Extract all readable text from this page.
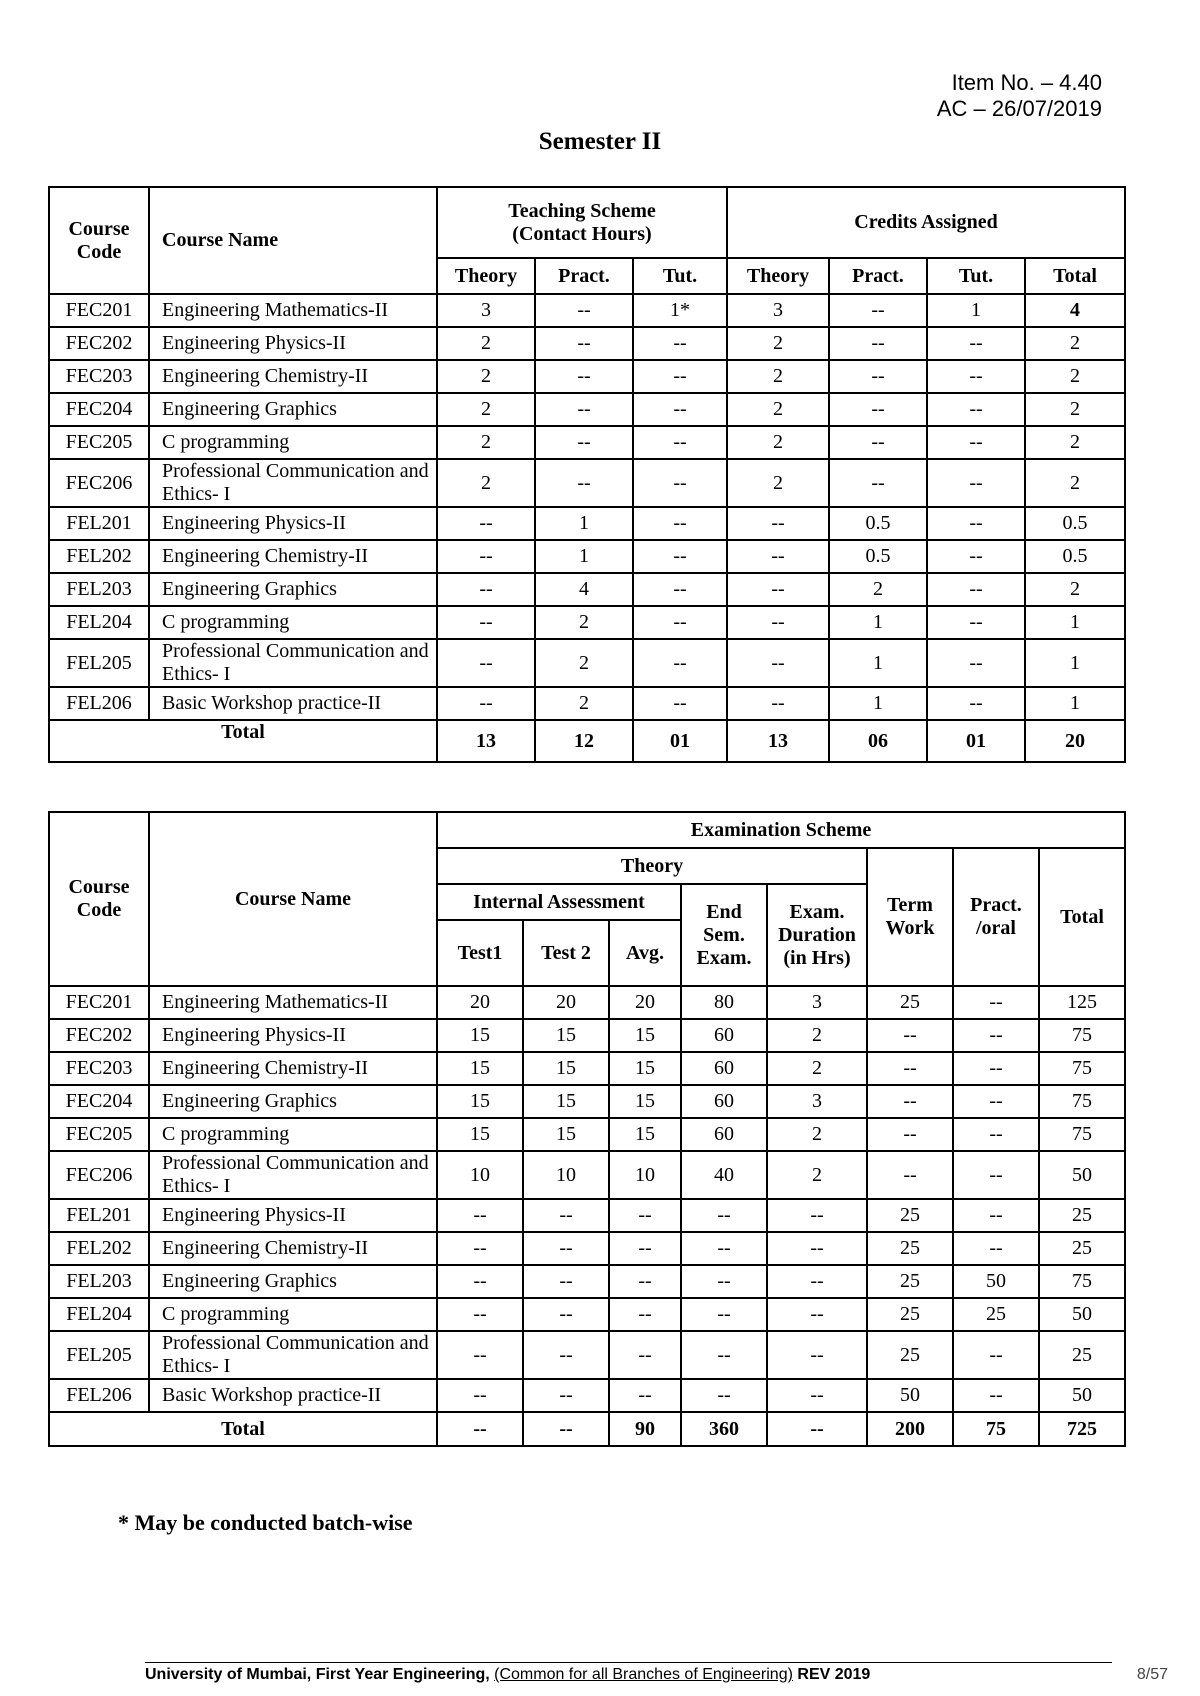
Item No. – 4.40
AC – 26/07/2019
Semester II
Course Code	Course Name	Teaching Scheme
(Contact Hours)			Credits Assigned			
		Theory	Pract.	Tut.	Theory	Pract.	Tut.	Total
FEC201	Engineering Mathematics-II	3	--	1*	3	--	1	4
FEC202	Engineering Physics-II	2	--	--	2	--	--	2
FEC203	Engineering Chemistry-II	2	--	--	2	--	--	2
FEC204	Engineering Graphics	2	--	--	2	--	--	2
FEC205	C programming	2	--	--	2	--	--	2
FEC206	Professional Communication and Ethics- I	2	--	--	2	--	--	2
FEL201	Engineering Physics-II	--	1	--	--	0.5	--	0.5
FEL202	Engineering Chemistry-II	--	1	--	--	0.5	--	0.5
FEL203	Engineering Graphics	--	4	--	--	2	--	2
FEL204	C programming	--	2	--	--	1	--	1
FEL205	Professional Communication and Ethics- I	--	2	--	--	1	--	1
FEL206	Basic Workshop practice-II	--	2	--	--	1	--	1
Total		13	12	01	13	06	01	20
Course Code	Course Name	Examination Scheme							
		Theory					Term Work	Pract. /oral	Total
		Internal Assessment			End Sem. Exam.	Exam. Duration (in Hrs)			
		Test1	Test 2	Avg.					
FEC201	Engineering Mathematics-II	20	20	20	80	3	25	--	125
FEC202	Engineering Physics-II	15	15	15	60	2	--	--	75
FEC203	Engineering Chemistry-II	15	15	15	60	2	--	--	75
FEC204	Engineering Graphics	15	15	15	60	3	--	--	75
FEC205	C programming	15	15	15	60	2	--	--	75
FEC206	Professional Communication and Ethics- I	10	10	10	40	2	--	--	50
FEL201	Engineering Physics-II	--	--	--	--	--	25	--	25
FEL202	Engineering Chemistry-II	--	--	--	--	--	25	--	25
FEL203	Engineering Graphics	--	--	--	--	--	25	50	75
FEL204	C programming	--	--	--	--	--	25	25	50
FEL205	Professional Communication and Ethics- I	--	--	--	--	--	25	--	25
FEL206	Basic Workshop practice-II	--	--	--	--	--	50	--	50
Total		--	--	90	360	--	200	75	725
* May be conducted batch-wise
University of Mumbai, First Year Engineering, (Common for all Branches of Engineering) REV 2019	8/57
